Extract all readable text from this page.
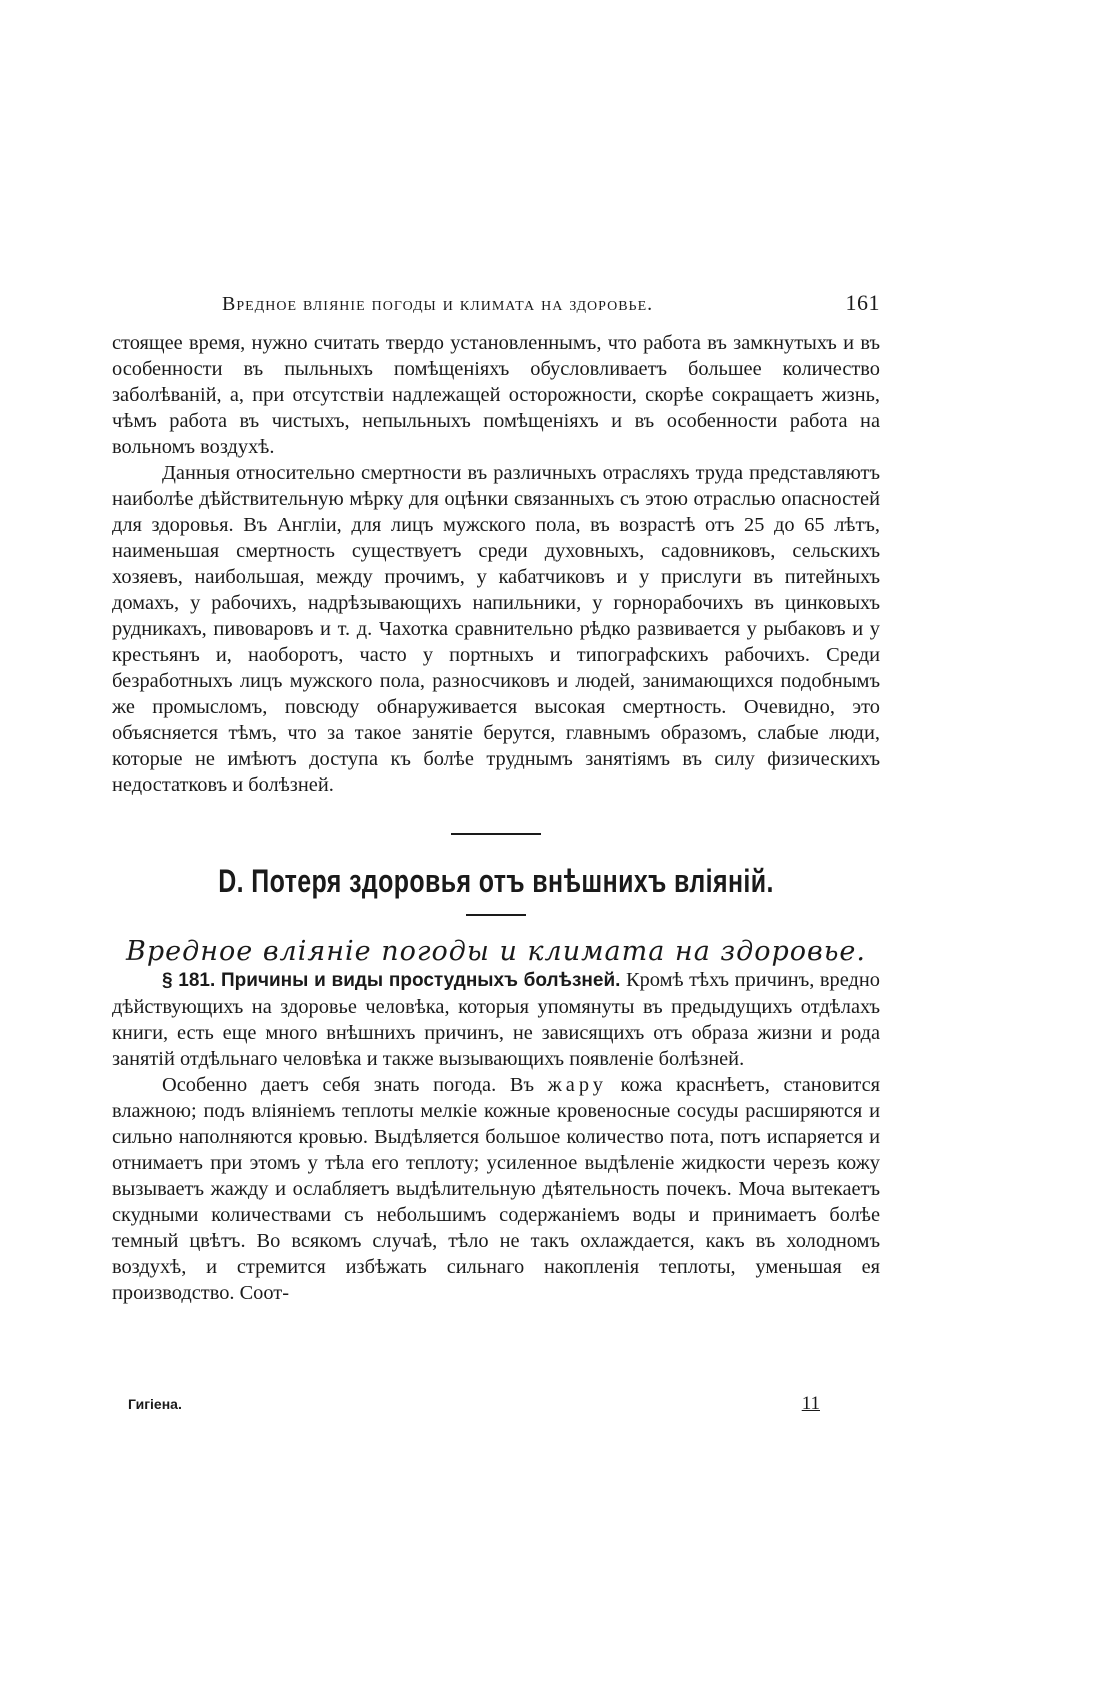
Вредное вліяніе погоды и климата на здоровье.	161

стоящее время, нужно считать твердо установленнымъ, что работа въ замкнутыхъ и въ особенности въ пыльныхъ помѣщеніяхъ обусловливаетъ большее количество заболѣваній, а, при отсутствіи надлежащей осторожности, скорѣе сокращаетъ жизнь, чѣмъ работа въ чистыхъ, непыльныхъ помѣщеніяхъ и въ особенности работа на вольномъ воздухѣ.

Данныя относительно смертности въ различныхъ отрасляхъ труда представляютъ наиболѣе дѣйствительную мѣрку для оцѣнки связанныхъ съ этою отраслью опасностей для здоровья. Въ Англіи, для лицъ мужского пола, въ возрастѣ отъ 25 до 65 лѣтъ, наименьшая смертность существуетъ среди духовныхъ, садовниковъ, сельскихъ хозяевъ, наибольшая, между прочимъ, у кабатчиковъ и у прислуги въ питейныхъ домахъ, у рабочихъ, надрѣзывающихъ напильники, у горнорабочихъ въ цинковыхъ рудникахъ, пивоваровъ и т. д. Чахотка сравнительно рѣдко развивается у рыбаковъ и у крестьянъ и, наоборотъ, часто у портныхъ и типографскихъ рабочихъ. Среди безработныхъ лицъ мужского пола, разносчиковъ и людей, занимающихся подобнымъ же промысломъ, повсюду обнаруживается высокая смертность. Очевидно, это объясняется тѣмъ, что за такое занятіе берутся, главнымъ образомъ, слабые люди, которые не имѣютъ доступа къ болѣе труднымъ занятіямъ въ силу физическихъ недостатковъ и болѣзней.

D. Потеря здоровья отъ внѣшнихъ вліяній.
Вредное вліяніе погоды и климата на здоровье.

§ 181. Причины и виды простудныхъ болѣзней. Кромѣ тѣхъ причинъ, вредно дѣйствующихъ на здоровье человѣка, которыя упомянуты въ предыдущихъ отдѣлахъ книги, есть еще много внѣшнихъ причинъ, не зависящихъ отъ образа жизни и рода занятій отдѣльнаго человѣка и также вызывающихъ появленіе болѣзней.

Особенно даетъ себя знать погода. Въ жару кожа краснѣетъ, становится влажною; подъ вліяніемъ теплоты мелкіе кожные кровеносные сосуды расширяются и сильно наполняются кровью. Выдѣляется большое количество пота, потъ испаряется и отнимаетъ при этомъ у тѣла его теплоту; усиленное выдѣленіе жидкости черезъ кожу вызываетъ жажду и ослабляетъ выдѣлительную дѣятельность почекъ. Моча вытекаетъ скудными количествами съ небольшимъ содержаніемъ воды и принимаетъ болѣе темный цвѣтъ. Во всякомъ случаѣ, тѣло не такъ охлаждается, какъ въ холодномъ воздухѣ, и стремится избѣжать сильнаго накопленія теплоты, уменьшая ея производство. Соот-

Гигіена.	11
